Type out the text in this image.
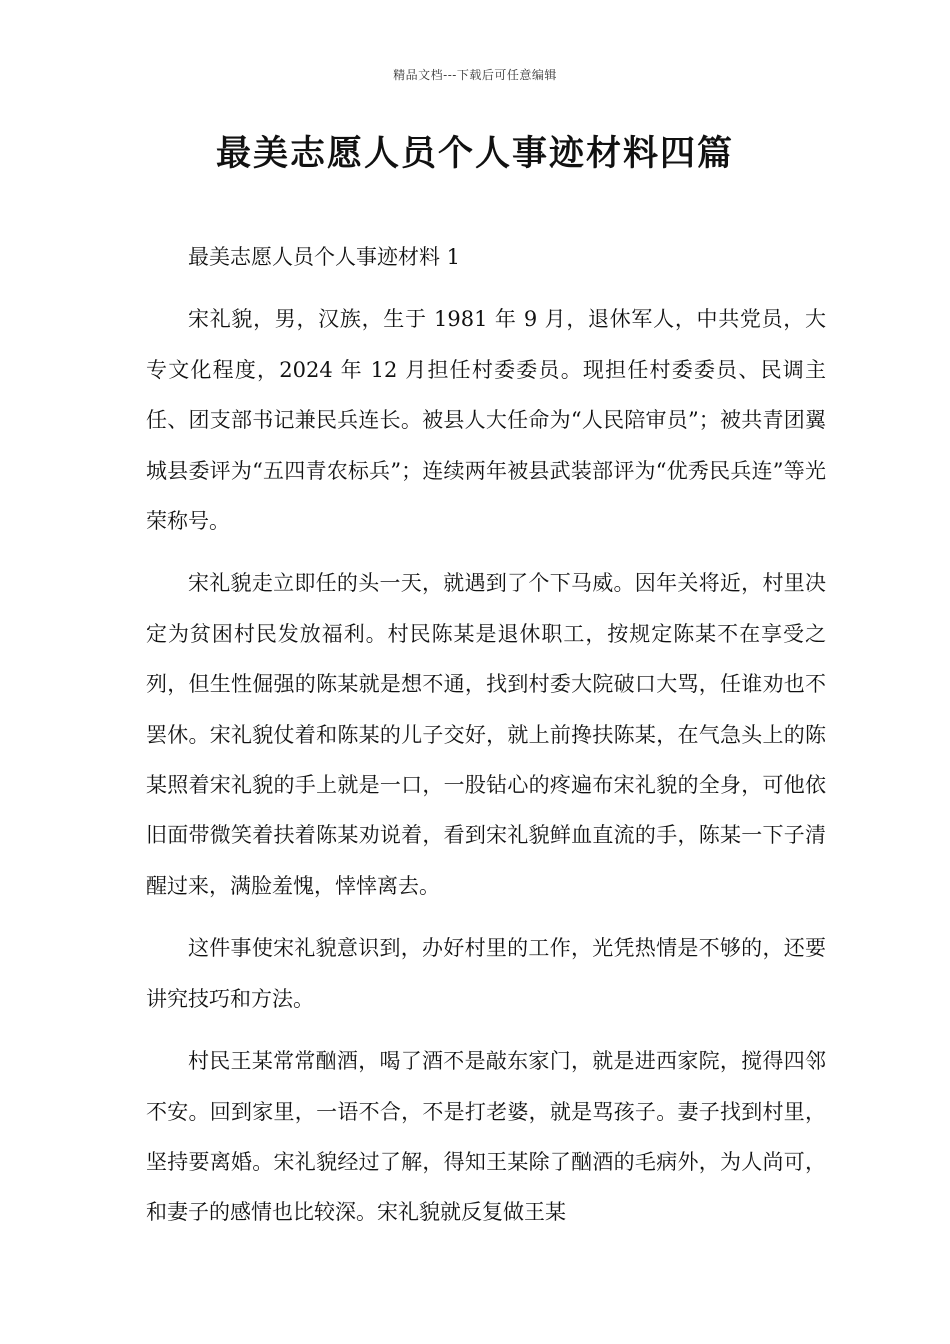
精品文档---下载后可任意编辑
最美志愿人员个人事迹材料四篇

最美志愿人员个人事迹材料 1

宋礼貌，男，汉族，生于 1981 年 9 月，退休军人，中共党员，大专文化程度，2024 年 12 月担任村委委员。现担任村委委员、民调主任、团支部书记兼民兵连长。被县人大任命为“人民陪审员”；被共青团翼城县委评为“五四青农标兵”；连续两年被县武装部评为“优秀民兵连”等光荣称号。

宋礼貌走立即任的头一天，就遇到了个下马威。因年关将近，村里决定为贫困村民发放福利。村民陈某是退休职工，按规定陈某不在享受之列，但生性倔强的陈某就是想不通，找到村委大院破口大骂，任谁劝也不罢休。宋礼貌仗着和陈某的儿子交好，就上前搀扶陈某，在气急头上的陈某照着宋礼貌的手上就是一口，一股钻心的疼遍布宋礼貌的全身，可他依旧面带微笑着扶着陈某劝说着，看到宋礼貌鲜血直流的手，陈某一下子清醒过来，满脸羞愧，悻悻离去。

这件事使宋礼貌意识到，办好村里的工作，光凭热情是不够的，还要讲究技巧和方法。

村民王某常常酗酒，喝了酒不是敲东家门，就是进西家院，搅得四邻不安。回到家里，一语不合，不是打老婆，就是骂孩子。妻子找到村里，坚持要离婚。宋礼貌经过了解，得知王某除了酗酒的毛病外，为人尚可，和妻子的感情也比较深。宋礼貌就反复做王某
